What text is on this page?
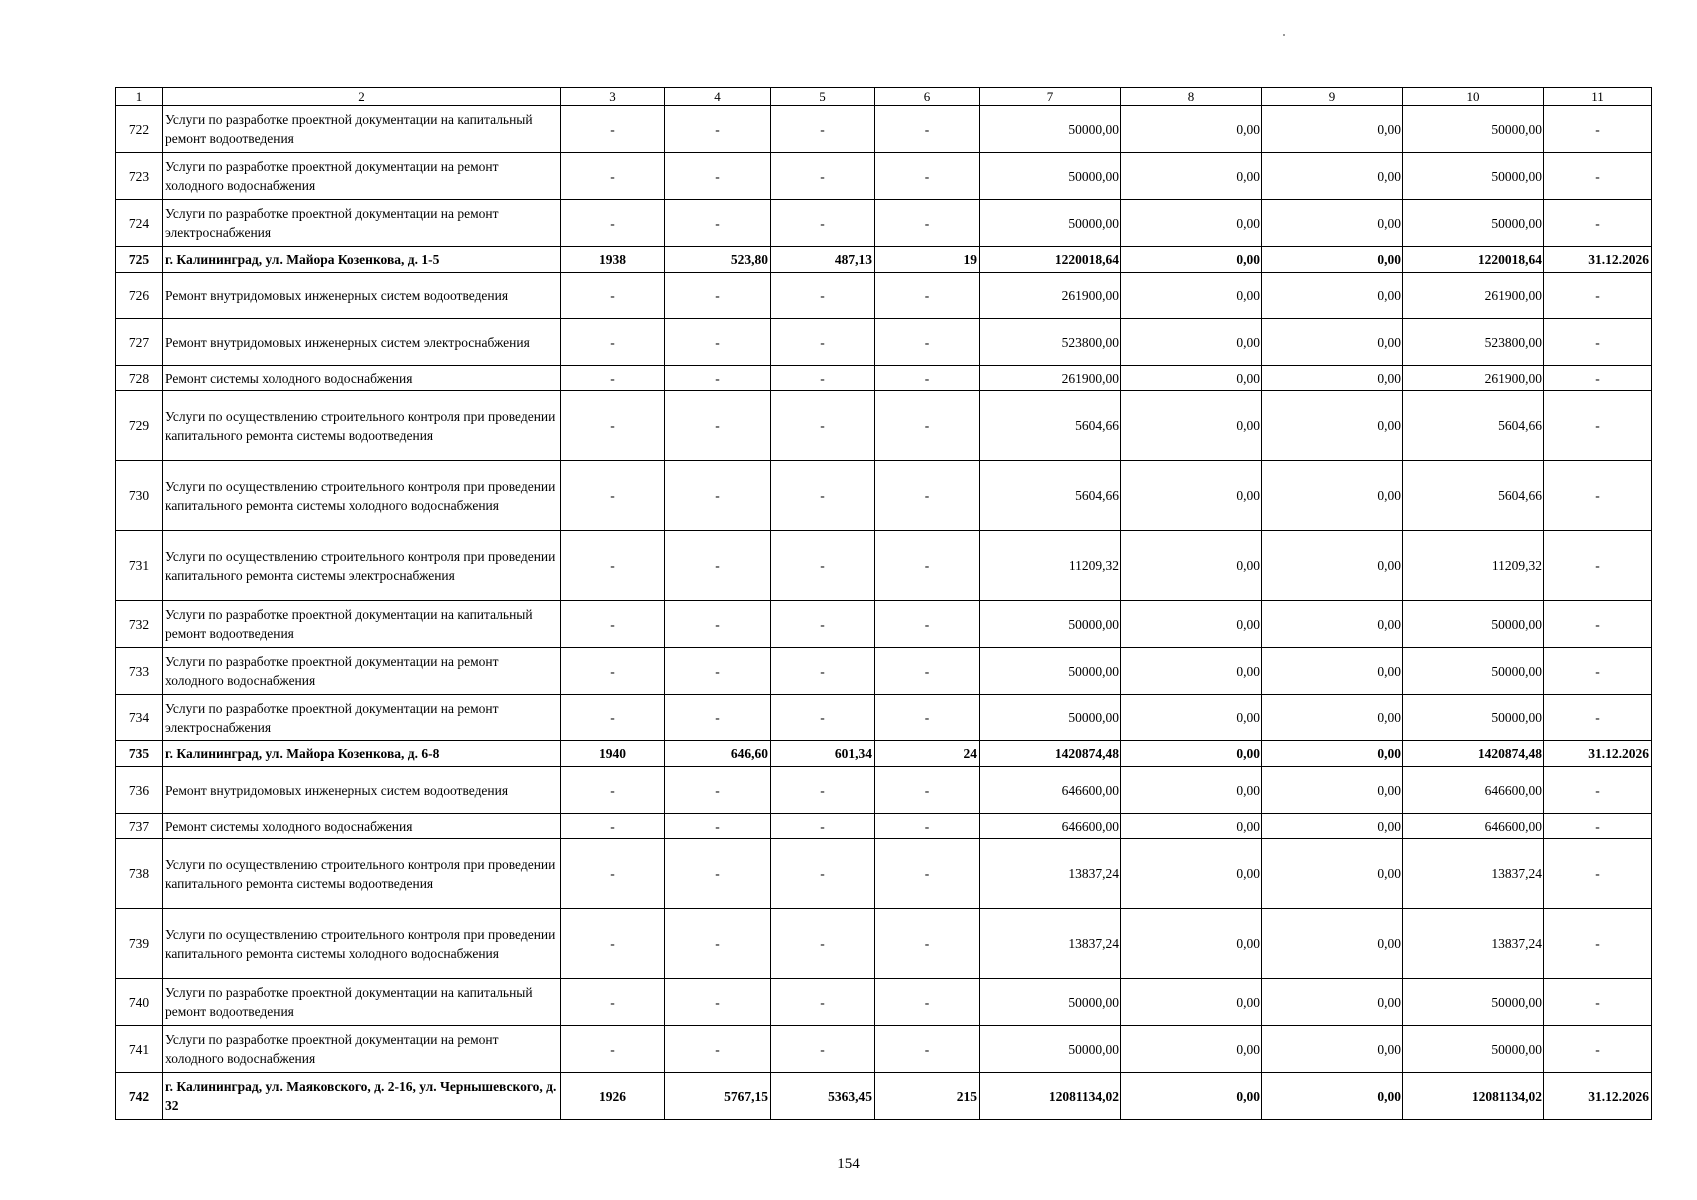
1	2	3	4	5	6	7	8	9	10	11
722	Услуги по разработке проектной документации на капитальный ремонт водоотведения	-	-	-	-	50000,00	0,00	0,00	50000,00	-
723	Услуги по разработке проектной документации на ремонт холодного водоснабжения	-	-	-	-	50000,00	0,00	0,00	50000,00	-
724	Услуги по разработке проектной документации на ремонт электроснабжения	-	-	-	-	50000,00	0,00	0,00	50000,00	-
725	г. Калининград, ул. Майора Козенкова, д. 1-5	1938	523,80	487,13	19	1220018,64	0,00	0,00	1220018,64	31.12.2026
726	Ремонт внутридомовых инженерных систем водоотведения	-	-	-	-	261900,00	0,00	0,00	261900,00	-
727	Ремонт внутридомовых инженерных систем электроснабжения	-	-	-	-	523800,00	0,00	0,00	523800,00	-
728	Ремонт системы холодного водоснабжения	-	-	-	-	261900,00	0,00	0,00	261900,00	-
729	Услуги по осуществлению строительного контроля при проведении капитального ремонта системы водоотведения	-	-	-	-	5604,66	0,00	0,00	5604,66	-
730	Услуги по осуществлению строительного контроля при проведении капитального ремонта системы холодного водоснабжения	-	-	-	-	5604,66	0,00	0,00	5604,66	-
731	Услуги по осуществлению строительного контроля при проведении капитального ремонта системы электроснабжения	-	-	-	-	11209,32	0,00	0,00	11209,32	-
732	Услуги по разработке проектной документации на капитальный ремонт водоотведения	-	-	-	-	50000,00	0,00	0,00	50000,00	-
733	Услуги по разработке проектной документации на ремонт холодного водоснабжения	-	-	-	-	50000,00	0,00	0,00	50000,00	-
734	Услуги по разработке проектной документации на ремонт электроснабжения	-	-	-	-	50000,00	0,00	0,00	50000,00	-
735	г. Калининград, ул. Майора Козенкова, д. 6-8	1940	646,60	601,34	24	1420874,48	0,00	0,00	1420874,48	31.12.2026
736	Ремонт внутридомовых инженерных систем водоотведения	-	-	-	-	646600,00	0,00	0,00	646600,00	-
737	Ремонт системы холодного водоснабжения	-	-	-	-	646600,00	0,00	0,00	646600,00	-
738	Услуги по осуществлению строительного контроля при проведении капитального ремонта системы водоотведения	-	-	-	-	13837,24	0,00	0,00	13837,24	-
739	Услуги по осуществлению строительного контроля при проведении капитального ремонта системы холодного водоснабжения	-	-	-	-	13837,24	0,00	0,00	13837,24	-
740	Услуги по разработке проектной документации на капитальный ремонт водоотведения	-	-	-	-	50000,00	0,00	0,00	50000,00	-
741	Услуги по разработке проектной документации на ремонт холодного водоснабжения	-	-	-	-	50000,00	0,00	0,00	50000,00	-
742	г. Калининград, ул. Маяковского, д. 2-16, ул. Чернышевского, д. 32	1926	5767,15	5363,45	215	12081134,02	0,00	0,00	12081134,02	31.12.2026
154
